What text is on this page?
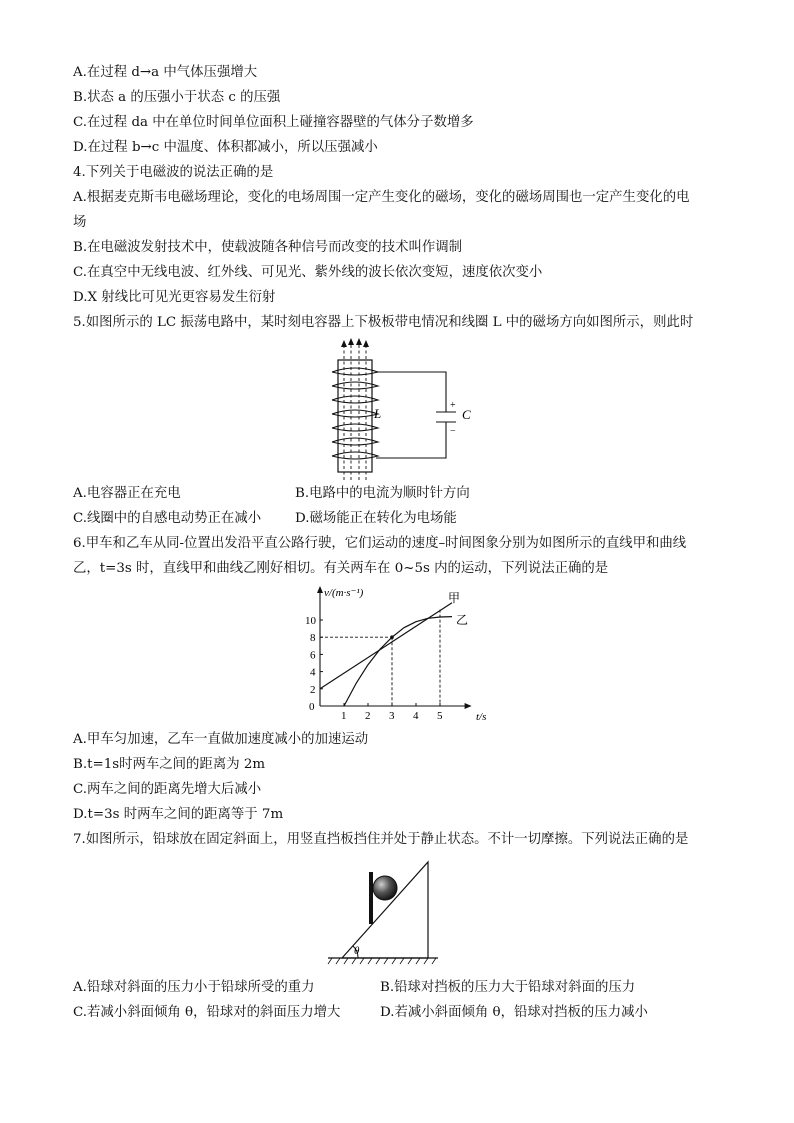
A.在过程 d→a 中气体压强增大
B.状态 a 的压强小于状态 c 的压强
C.在过程 da 中在单位时间单位面积上碰撞容器壁的气体分子数增多
D.在过程 b→c 中温度、体积都减小，所以压强减小
4.下列关于电磁波的说法正确的是
A.根据麦克斯韦电磁场理论，变化的电场周围一定产生变化的磁场，变化的磁场周围也一定产生变化的电
场
B.在电磁波发射技术中，使载波随各种信号而改变的技术叫作调制
C.在真空中无线电波、红外线、可见光、紫外线的波长依次变短，速度依次变小
D.X 射线比可见光更容易发生衍射
5.如图所示的 LC 振荡电路中，某时刻电容器上下极板带电情况和线圈 L 中的磁场方向如图所示，则此时
L	C
+
−
A.电容器正在充电	B.电路中的电流为顺时针方向
C.线圈中的自感电动势正在减小	D.磁场能正在转化为电场能
6.甲车和乙车从同-位置出发沿平直公路行驶，它们运动的速度–时间图象分别为如图所示的直线甲和曲线
乙，t=3s 时，直线甲和曲线乙刚好相切。有关两车在 0~5s 内的运动，下列说法正确的是
1 2 3 4 5
2
4
6
8
10
v/(m·s⁻¹)
t/s
0
甲
乙
A.甲车匀加速，乙车一直做加速度减小的加速运动
B.t=1s时两车之间的距离为 2m
C.两车之间的距离先增大后减小
D.t=3s 时两车之间的距离等于 7m
7.如图所示，铅球放在固定斜面上，用竖直挡板挡住并处于静止状态。不计一切摩擦。下列说法正确的是
θ
A.铅球对斜面的压力小于铅球所受的重力	B.铅球对挡板的压力大于铅球对斜面的压力
C.若减小斜面倾角 θ，铅球对的斜面压力增大	D.若减小斜面倾角 θ，铅球对挡板的压力减小
